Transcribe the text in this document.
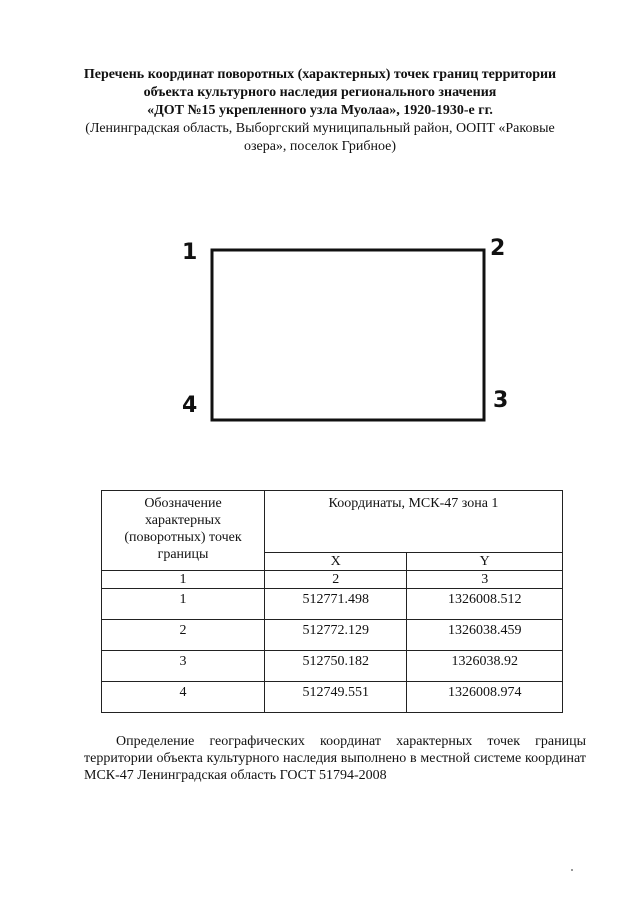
Перечень координат поворотных (характерных) точек границ территории
объекта культурного наследия регионального значения
«ДОТ №15 укрепленного узла Муолаа», 1920-1930-е гг.
(Ленинградская область, Выборгский муниципальный район, ООПТ «Раковые
озера», поселок Грибное)
1	2
3
4
Обозначение характерных (поворотных) точек границы	Координаты, МСК-47 зона 1	
	X	Y
1	2	3
1	512771.498	1326008.512
2	512772.129	1326038.459
3	512750.182	1326038.92
4	512749.551	1326008.974
Определение географических координат характерных точек границы территории объекта культурного наследия выполнено в местной системе координат МСК-47 Ленинградская область ГОСТ 51794-2008
